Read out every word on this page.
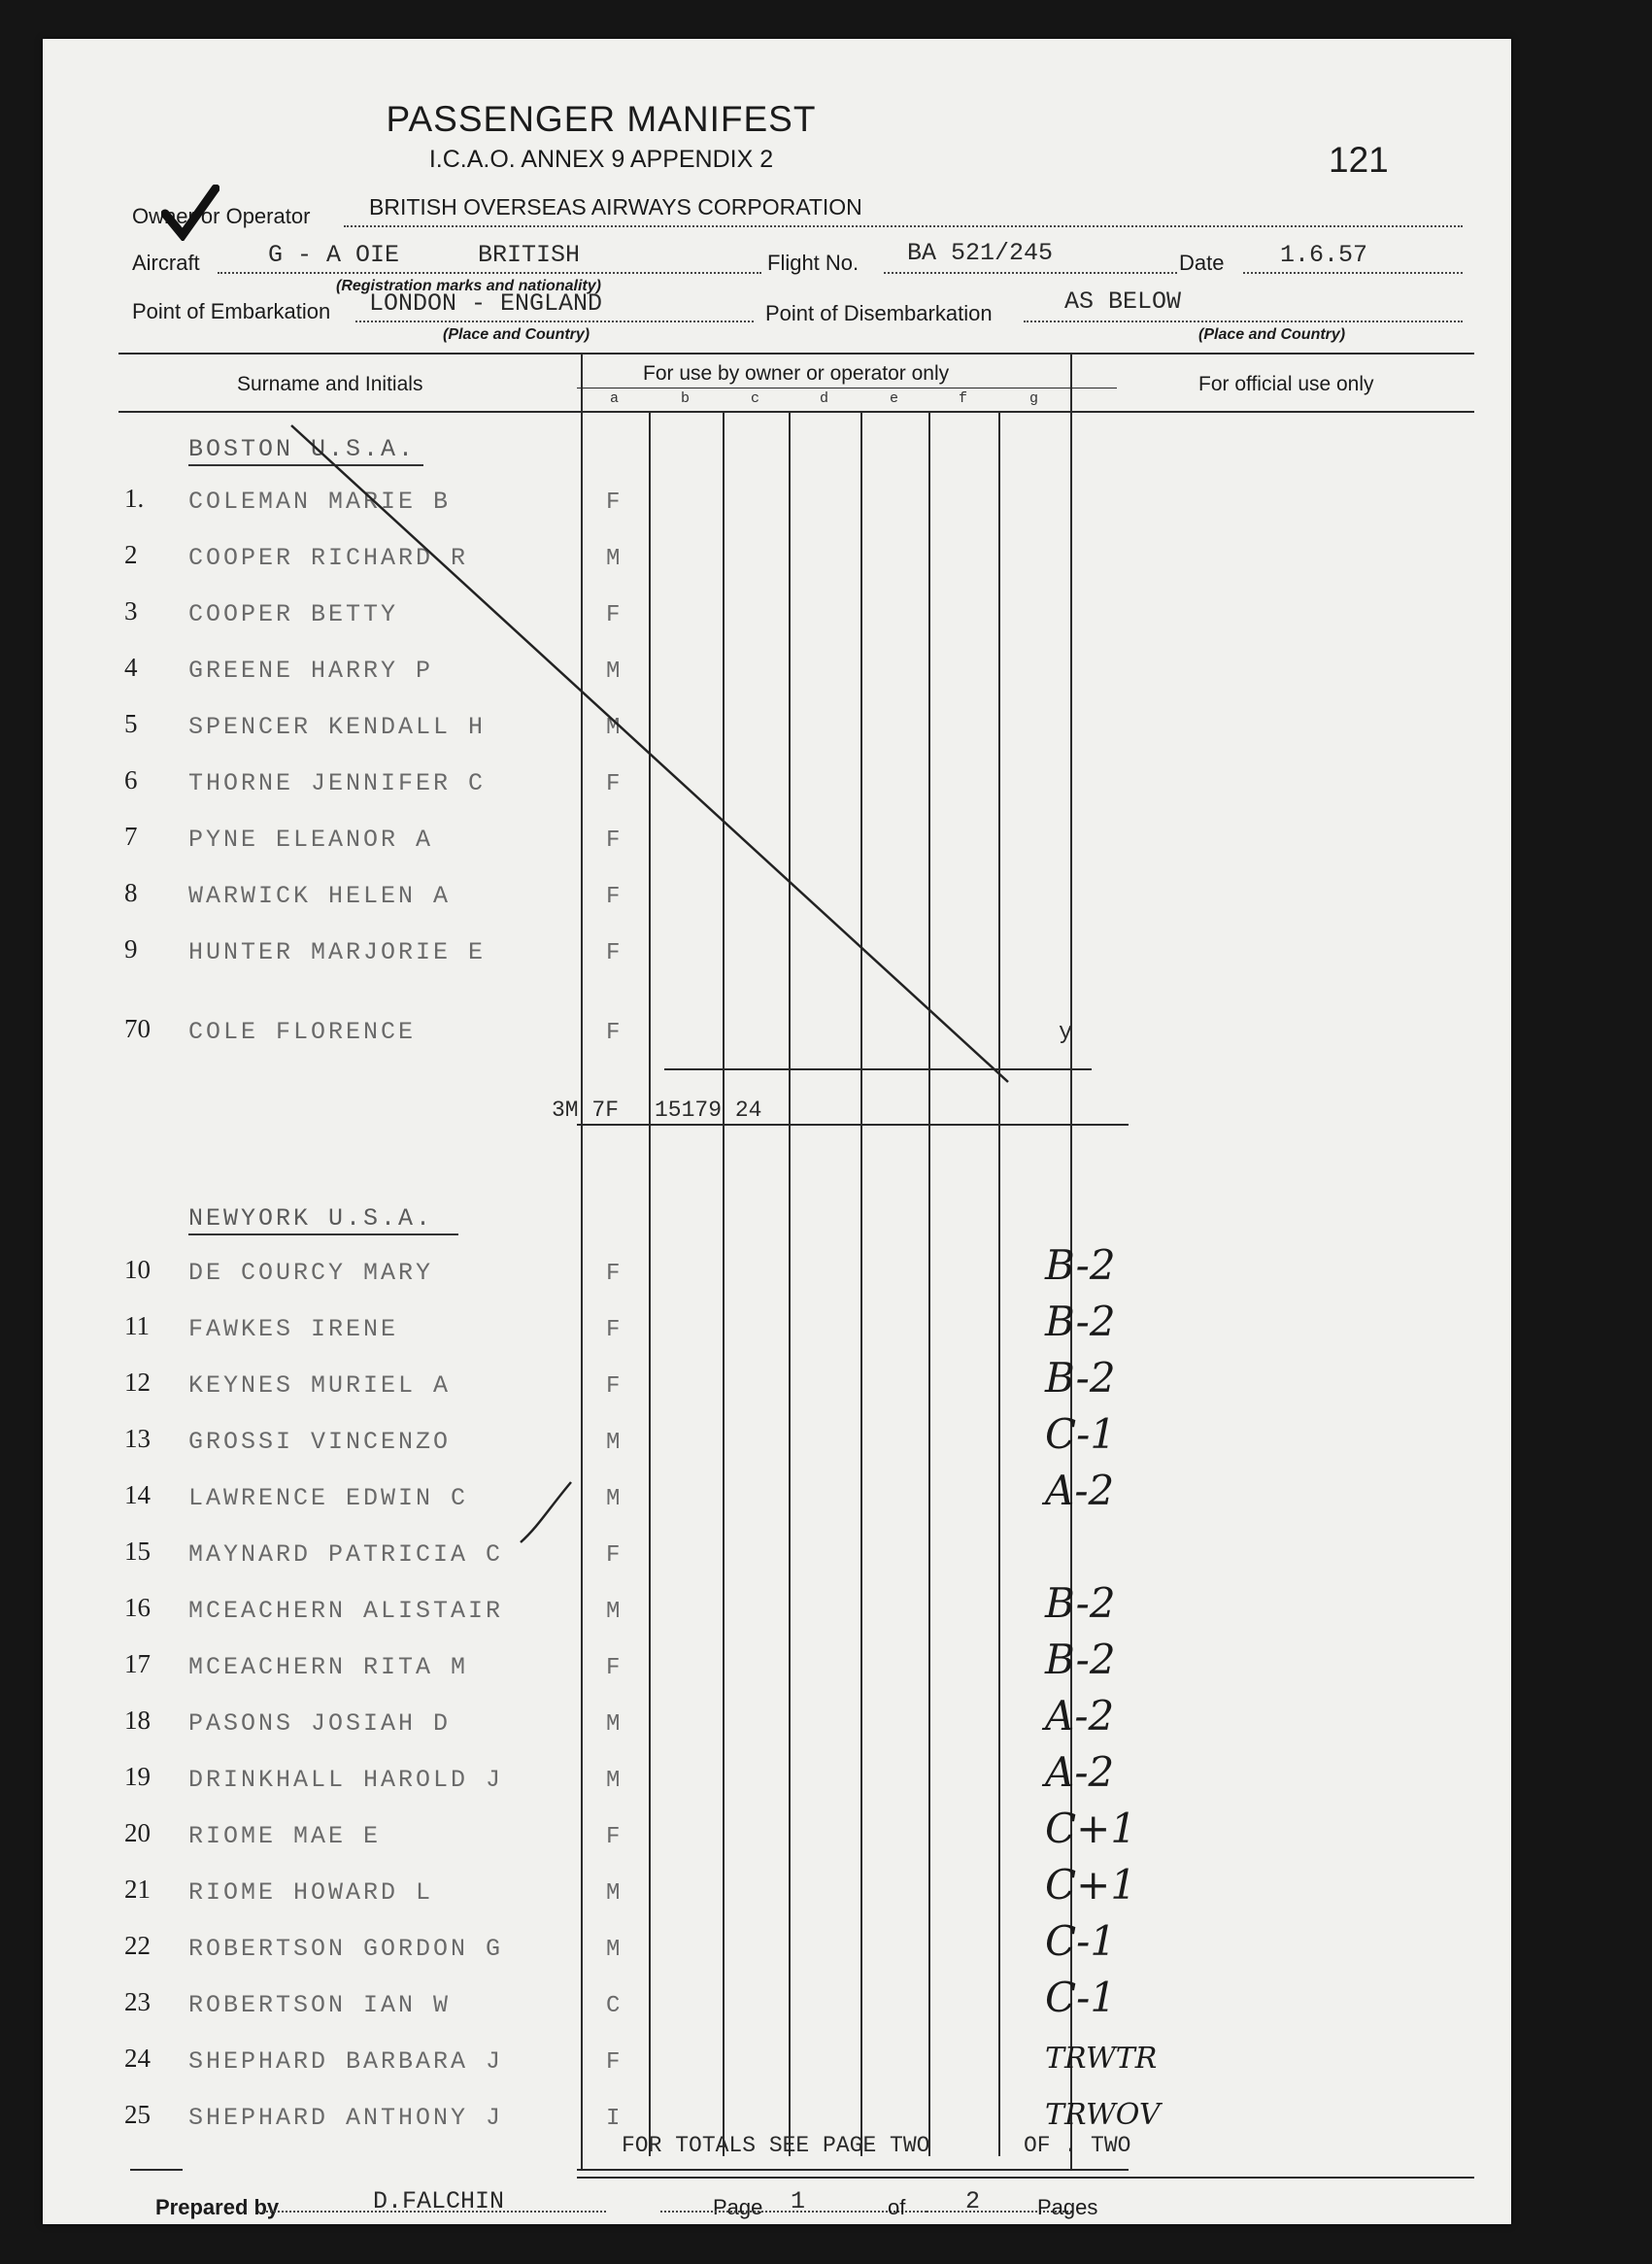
PASSENGER MANIFEST
I.C.A.O. ANNEX 9 APPENDIX 2	121
Owner or Operator	BRITISH OVERSEAS AIRWAYS CORPORATION
Aircraft	G - A OIE	BRITISH	Flight No. BA 521/245	Date 1.6.57
(Registration marks and nationality)
Point of Embarkation LONDON - ENGLAND	Point of Disembarkation	AS BELOW
(Place and Country)	(Place and Country)
Surname and Initials	For use by owner or operator only	For official use only
a	b	c	d	e	f	g
BOSTON U.S.A.
1. COLEMAN MARIE B	F
2 COOPER RICHARD R	M
3 COOPER BETTY	F
4 GREENE HARRY P	M
5 SPENCER KENDALL H	M
6 THORNE JENNIFER C	F
7 PYNE ELEANOR A	F
8 WARWICK HELEN A	F
9 HUNTER MARJORIE E	F
70 COLE FLORENCE	F
3M 7F 15179 24
y
NEWYORK U.S.A.
10 DE COURCY MARY	F	B-2
11 FAWKES IRENE	F	B-2
12 KEYNES MURIEL A	F	B-2
13 GROSSI VINCENZO	M	C-1
14 LAWRENCE EDWIN C	M	A-2
15 MAYNARD PATRICIA C	F
16 MCEACHERN ALISTAIR	M	B-2
17 MCEACHERN RITA M	F	B-2
18 PASONS JOSIAH D	M	A-2
19 DRINKHALL HAROLD J	M	A-2
20 RIOME MAE E	F	C+1
21 RIOME HOWARD L	M	C+1
22 ROBERTSON GORDON G	M	C-1
23 ROBERTSON IAN W	C	C-1
24 SHEPHARD BARBARA J	F	TRWTR
25 SHEPHARD ANTHONY J	I	TRWOV
FOR TOTALS SEE PAGE TWO	OF . TWO
Prepared by	D.FALCHIN	Page 1	of 2	Pages
